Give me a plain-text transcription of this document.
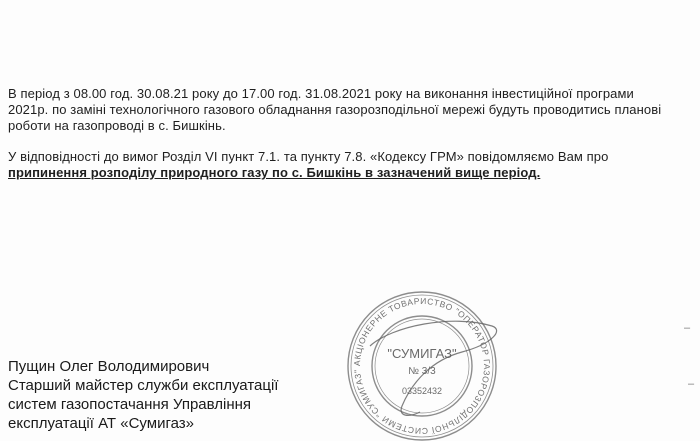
В період з 08.00 год. 30.08.21 року до 17.00 год. 31.08.2021 року на виконання інвестиційної програми
2021р. по заміні технологічного газового обладнання газорозподільної мережі будуть проводитись планові
роботи на газопроводі в с. Бишкінь.
У відповідності до вимог Розділ VI пункт 7.1. та пункту 7.8. «Кодексу ГРМ» повідомляємо Вам про
припинення розподілу природного газу по с. Бишкінь в зазначений вище період.
Пущин Олег Володимирович
Старший майстер служби експлуатації
систем газопостачання Управління
експлуатації АТ «Сумигаз»
АКЦІОНЕРНЕ ТОВАРИСТВО "ОПЕРАТОР ГАЗОРОЗПОДІЛЬНОЇ СИСТЕМИ "СУМИГАЗ"
"СУМИГАЗ"
№ 3/3
03352432
–
–
